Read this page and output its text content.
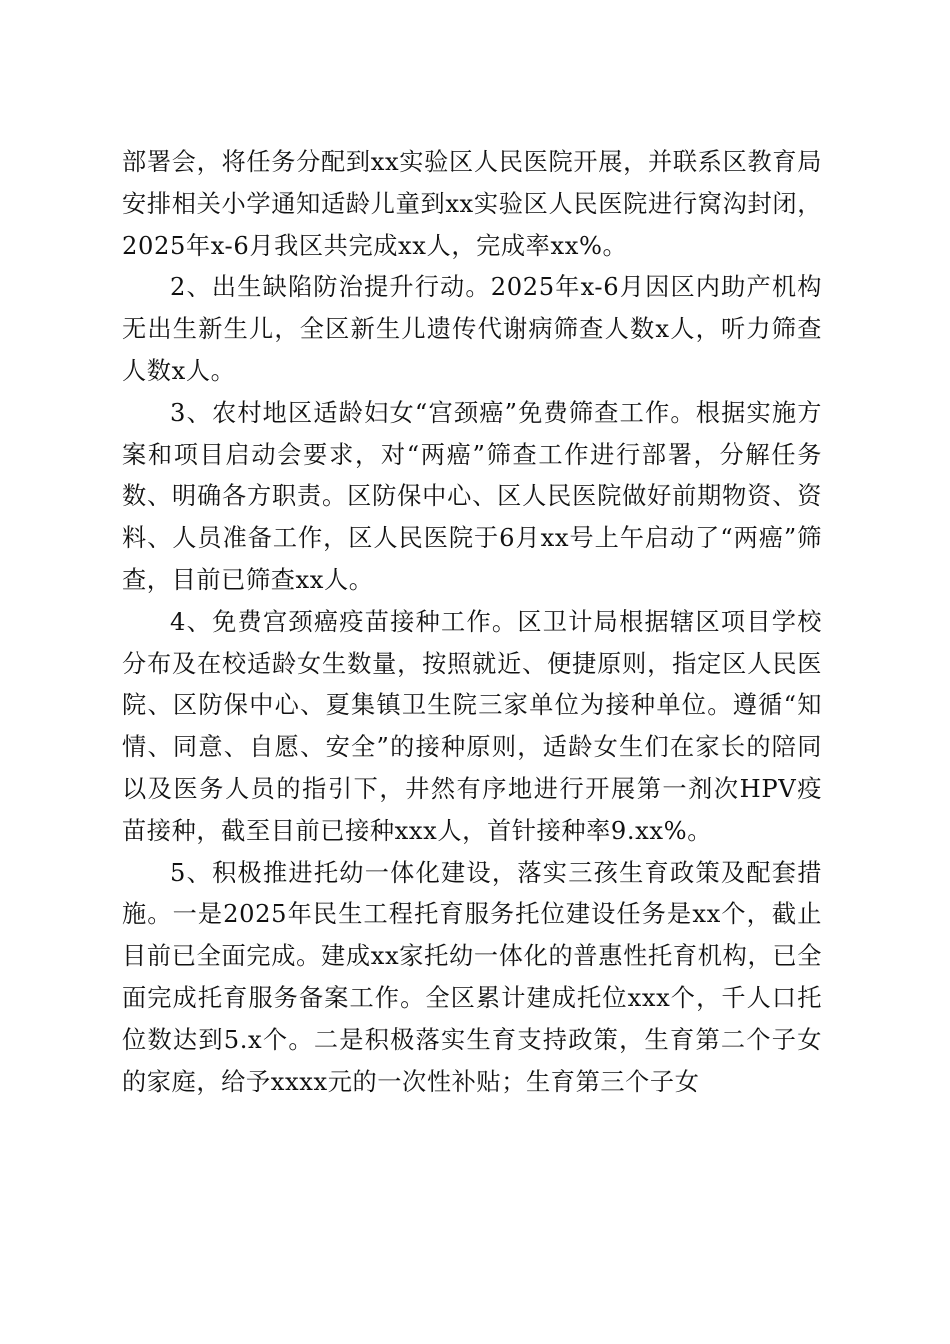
部署会，将任务分配到xx实验区人民医院开展，并联系区教育局安排相关小学通知适龄儿童到xx实验区人民医院进行窝沟封闭，2025年x-6月我区共完成xx人，完成率xx%。

2、出生缺陷防治提升行动。2025年x-6月因区内助产机构无出生新生儿，全区新生儿遗传代谢病筛查人数x人，听力筛查人数x人。

3、农村地区适龄妇女“宫颈癌”免费筛查工作。根据实施方案和项目启动会要求，对“两癌”筛查工作进行部署，分解任务数、明确各方职责。区防保中心、区人民医院做好前期物资、资料、人员准备工作，区人民医院于6月xx号上午启动了“两癌”筛查，目前已筛查xx人。

4、免费宫颈癌疫苗接种工作。区卫计局根据辖区项目学校分布及在校适龄女生数量，按照就近、便捷原则，指定区人民医院、区防保中心、夏集镇卫生院三家单位为接种单位。遵循“知情、同意、自愿、安全”的接种原则，适龄女生们在家长的陪同以及医务人员的指引下，井然有序地进行开展第一剂次HPV疫苗接种，截至目前已接种xxx人，首针接种率9.xx%。

5、积极推进托幼一体化建设，落实三孩生育政策及配套措施。一是2025年民生工程托育服务托位建设任务是xx个，截止目前已全面完成。建成xx家托幼一体化的普惠性托育机构，已全面完成托育服务备案工作。全区累计建成托位xxx个，千人口托位数达到5.x个。二是积极落实生育支持政策，生育第二个子女的家庭，给予xxxx元的一次性补贴；生育第三个子女
